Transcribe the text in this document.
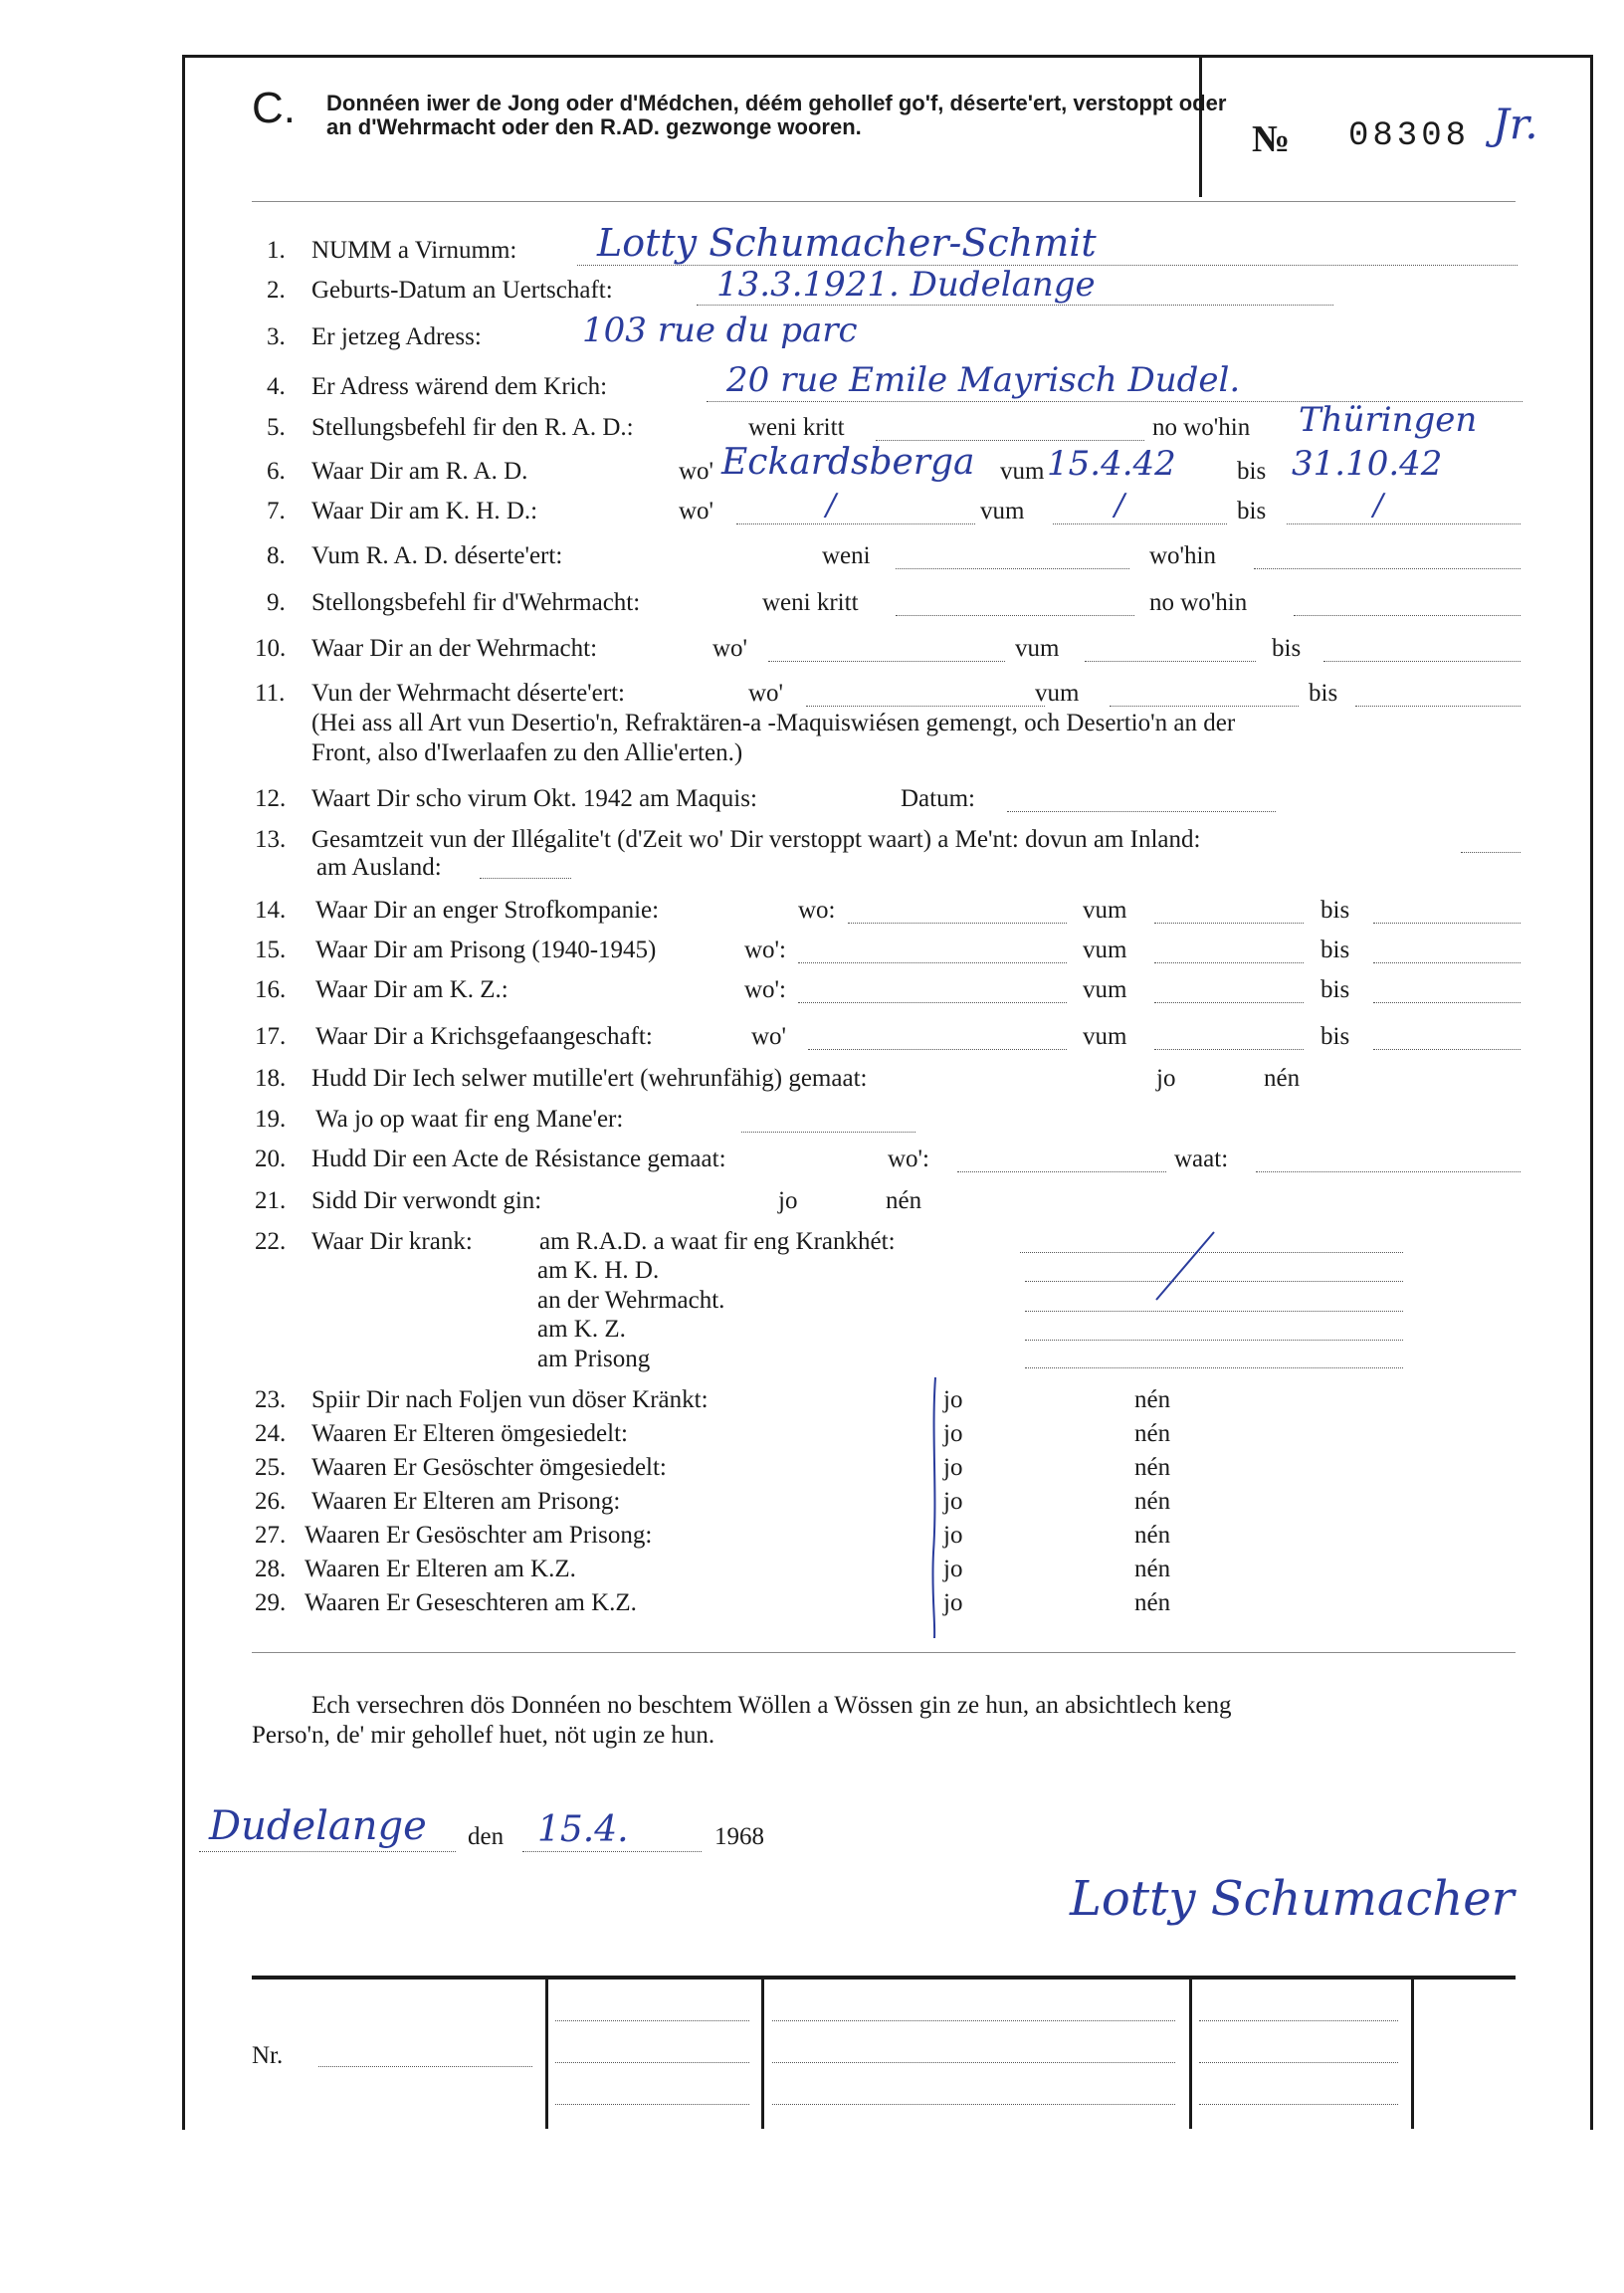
C. Donnéen iwer de Jong oder d'Médchen, déém gehollef go'f, déserte'ert, verstoppt oder an d'Wehrmacht oder den R.AD. gezwonge wooren.	№ 08308 Jr.
1. NUMM a Virnumm: Lotty Schumacher-Schmit
2. Geburts-Datum an Uertschaft:	13.3.1921. Dudelange
3. Er jetzeg Adress:	103 rue du parc
4. Er Adress wärend dem Krich:	20 rue Emile Mayrisch Dudel.
5. Stellungsbefehl fir den R. A. D.:	weni kritt	no wo'hin Thüringen
6. Waar Dir am R. A. D.	wo' Eckardsberga vum 15.4.42 bis 31.10.42
7. Waar Dir am K. H. D.:	wo'	/	vum	/	bis	/
8. Vum R. A. D. déserte'ert:	weni	wo'hin
9. Stellongsbefehl fir d'Wehrmacht:	weni kritt	no wo'hin
10. Waar Dir an der Wehrmacht:	wo'	vum	bis
11. Vun der Wehrmacht déserte'ert:	wo'	vum	bis
(Hei ass all Art vun Desertio'n, Refraktären-a -Maquiswiésen gemengt, och Desertio'n an der
Front, also d'Iwerlaafen zu den Allie'erten.)
12. Waart Dir scho virum Okt. 1942 am Maquis:	Datum:
13. Gesamtzeit vun der Illégalite't (d'Zeit wo' Dir verstoppt waart) a Me'nt: dovun am Inland:
am Ausland:
14. Waar Dir an enger Strofkompanie:	wo:	vum	bis
15. Waar Dir am Prisong (1940-1945)	wo':	vum	bis
16. Waar Dir am K. Z.:	wo':	vum	bis
17. Waar Dir a Krichsgefaangeschaft:	wo'	vum	bis
18. Hudd Dir Iech selwer mutille'ert (wehrunfähig) gemaat:	jo	nén
19. Wa jo op waat fir eng Mane'er:
20. Hudd Dir een Acte de Résistance gemaat:	wo':	waat:
21. Sidd Dir verwondt gin:	jo	nén
22. Waar Dir krank:	am R.A.D. a waat fir eng Krankhét:
am K. H. D.
an der Wehrmacht.
am K. Z.
am Prisong
23. Spiir Dir nach Foljen vun döser Kränkt:	jo	nén
24. Waaren Er Elteren ömgesiedelt:	jo	nén
25. Waaren Er Gesöschter ömgesiedelt:	jo	nén
26. Waaren Er Elteren am Prisong:	jo	nén
27. Waaren Er Gesöschter am Prisong:	jo	nén
28. Waaren Er Elteren am K.Z.	jo	nén
29. Waaren Er Geseschteren am K.Z.	jo	nén
Ech versechren dös Donnéen no beschtem Wöllen a Wössen gin ze hun, an absichtlech keng
Perso'n, de' mir gehollef huet, nöt ugin ze hun.
Dudelange den 15.4.	1968
Lotty Schumacher
Nr.
